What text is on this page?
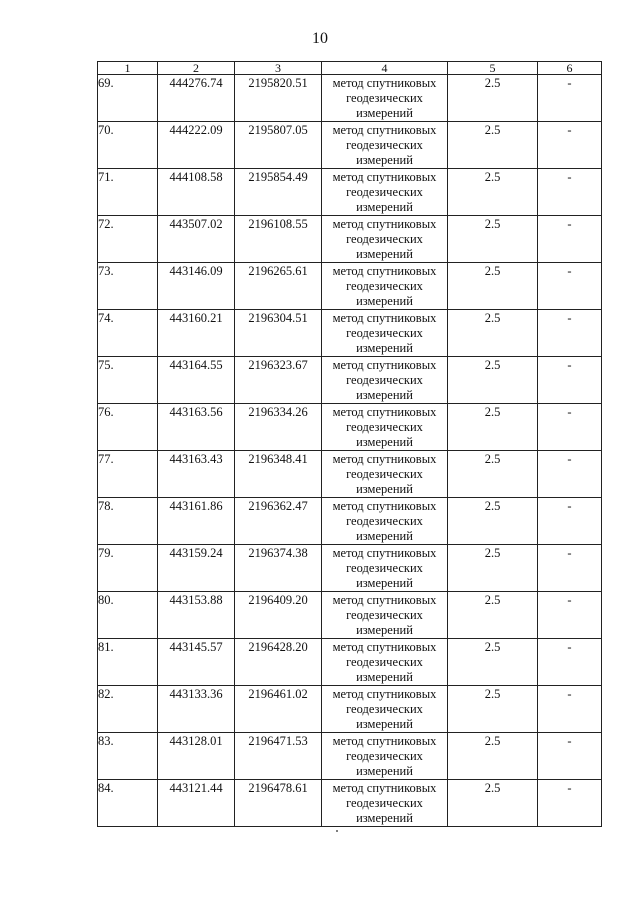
10
1	2	3	4	5	6

69.	444276.74	2195820.51	метод спутниковых геодезических измерений	2.5	-

70.	444222.09	2195807.05	метод спутниковых геодезических измерений	2.5	-

71.	444108.58	2195854.49	метод спутниковых геодезических измерений	2.5	-

72.	443507.02	2196108.55	метод спутниковых геодезических измерений	2.5	-

73.	443146.09	2196265.61	метод спутниковых геодезических измерений	2.5	-

74.	443160.21	2196304.51	метод спутниковых геодезических измерений	2.5	-

75.	443164.55	2196323.67	метод спутниковых геодезических измерений	2.5	-

76.	443163.56	2196334.26	метод спутниковых геодезических измерений	2.5	-

77.	443163.43	2196348.41	метод спутниковых геодезических измерений	2.5	-

78.	443161.86	2196362.47	метод спутниковых геодезических измерений	2.5	-

79.	443159.24	2196374.38	метод спутниковых геодезических измерений	2.5	-

80.	443153.88	2196409.20	метод спутниковых геодезических измерений	2.5	-

81.	443145.57	2196428.20	метод спутниковых геодезических измерений	2.5	-

82.	443133.36	2196461.02	метод спутниковых геодезических измерений	2.5	-

83.	443128.01	2196471.53	метод спутниковых геодезических измерений	2.5	-

84.	443121.44	2196478.61	метод спутниковых геодезических измерений	2.5	-
